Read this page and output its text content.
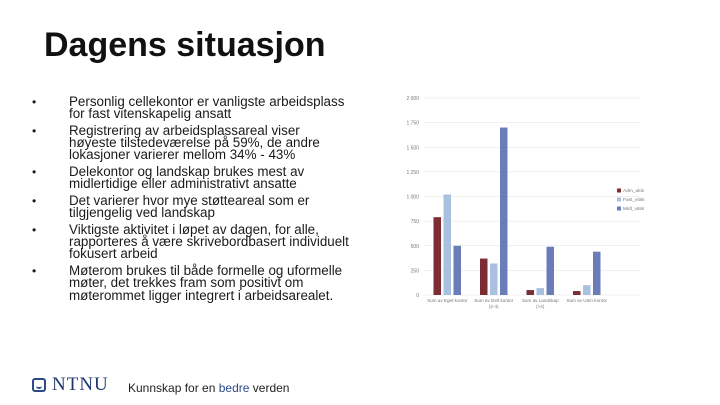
Dagens situasjon
• Personlig cellekontor er vanligste arbeidsplass for fast vitenskapelig ansatt
• Registrering av arbeidsplassareal viser høyeste tilstedeværelse på 59%, de andre lokasjoner varierer mellom 34% - 43%
• Delekontor og landskap brukes mest av midlertidige eller administrativt ansatte
• Det varierer hvor mye støtteareal som er tilgjengelig ved landskap
• Viktigste aktivitet i løpet av dagen, for alle, rapporteres å være skrivebordbasert individuelt fokusert arbeid
• Møterom brukes til både formelle og uformelle møter, det trekkes fram som positivt om møterommet ligger integrert i arbeidsarealet.	0
250
500
750
1 000
1 250
1 500
1 750
2 000
Sum av Eget kontor Sum av Delt kontor
(2-4)
Sum av Landskap
(>4)
Sum av Uten kontor
Adm_ukis
Fast_vitsk
Midl_vitsk
NTNU Kunnskap for en bedre verden
